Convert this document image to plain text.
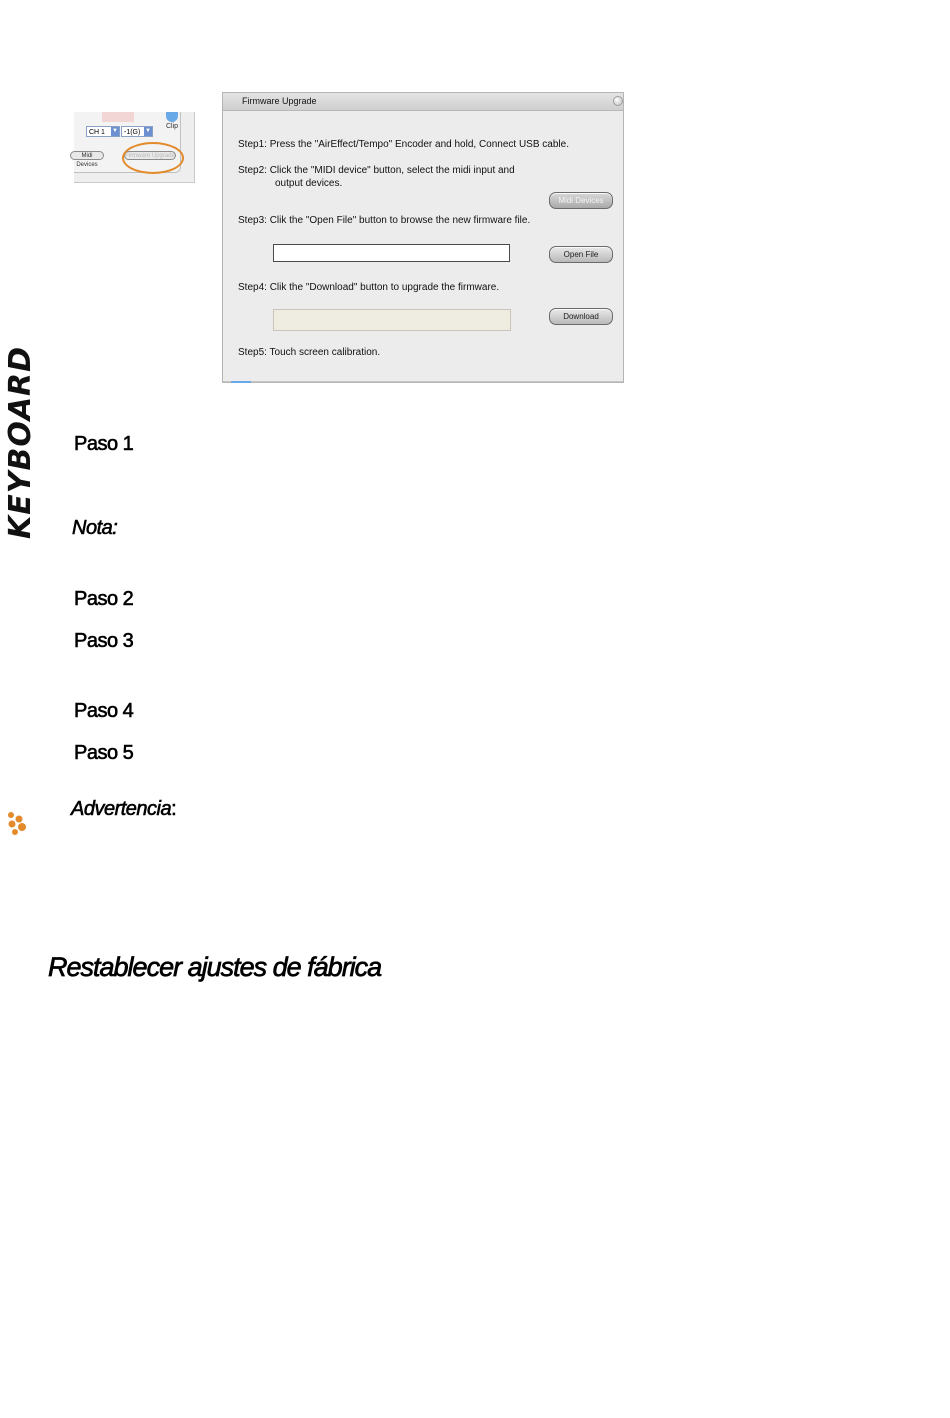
KEYBOARD
CH 1 ▼ -1(G) ▼
Midi Devices
Firmware Upgrade
Clip
Firmware Upgrade
Step1: Press the "AirEffect/Tempo" Encoder and hold, Connect USB cable.
Step2: Click the "MIDI device" button, select the midi input and
output devices.
Midi Devices
Step3: Clik the "Open File" button to browse the new firmware file.
Open File
Step4: Clik the "Download" button to upgrade the firmware.
Download
Step5: Touch screen calibration.
Paso 1
Nota:
Paso 2
Paso 3
Paso 4
Paso 5
Advertencia:
Restablecer ajustes de fábrica
